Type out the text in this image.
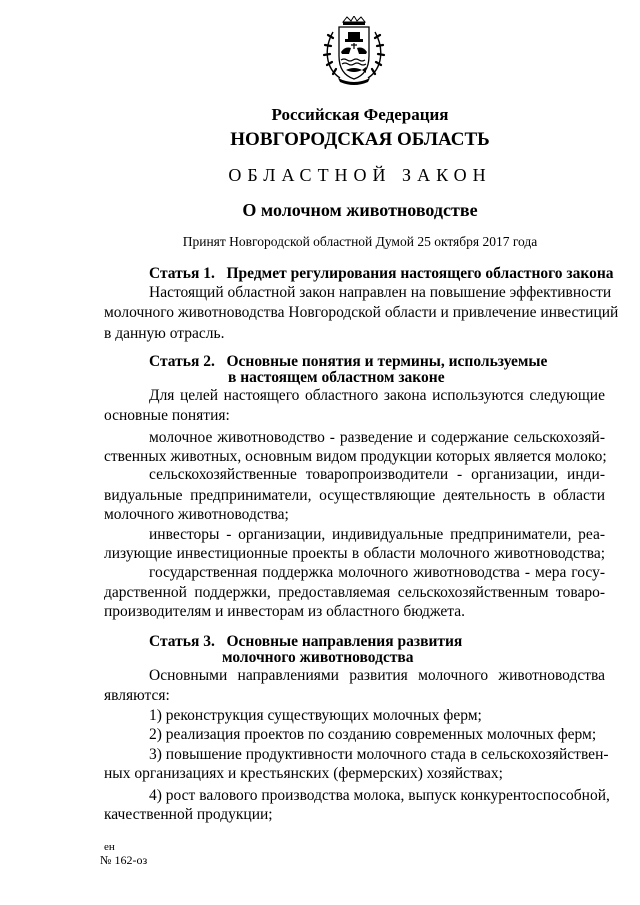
Российская Федерация
НОВГОРОДСКАЯ ОБЛАСТЬ
ОБЛАСТНОЙ ЗАКОН
О молочном животноводстве
Принят Новгородской областной Думой 25 октября 2017 года
Статья 1.   Предмет регулирования настоящего областного закона
Настоящий областной закон направлен на повышение эффективности
молочного животноводства Новгородской области и привлечение инвестиций
в данную отрасль.
Статья 2.   Основные понятия и термины, используемые
в настоящем областном законе
Для целей настоящего областного закона используются следующие
основные понятия:
молочное животноводство - разведение и содержание сельскохозяй-
ственных животных, основным видом продукции которых является молоко;
сельскохозяйственные товаропроизводители - организации, инди-
видуальные предприниматели, осуществляющие деятельность в области
молочного животноводства;
инвесторы - организации, индивидуальные предприниматели, реа-
лизующие инвестиционные проекты в области молочного животноводства;
государственная поддержка молочного животноводства - мера госу-
дарственной поддержки, предоставляемая сельскохозяйственным товаро-
производителям и инвесторам из областного бюджета.
Статья 3.   Основные направления развития
молочного животноводства
Основными направлениями развития молочного животноводства
являются:
1) реконструкция существующих молочных ферм;
2) реализация проектов по созданию современных молочных ферм;
3) повышение продуктивности молочного стада в сельскохозяйствен-
ных организациях и крестьянских (фермерских) хозяйствах;
4) рост валового производства молока, выпуск конкурентоспособной,
качественной продукции;
ен
№ 162-оз
